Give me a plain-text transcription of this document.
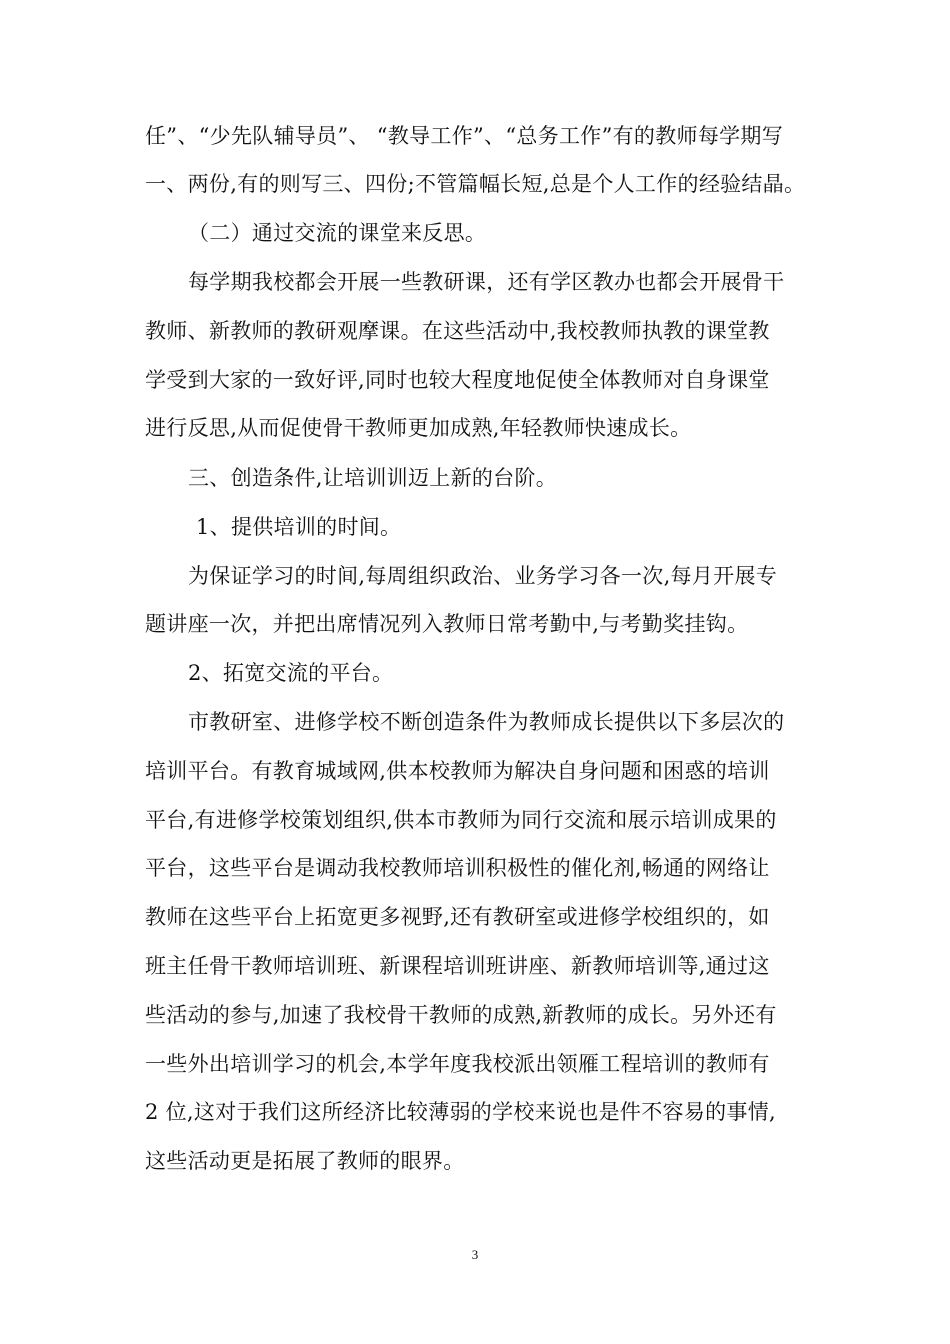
任”、“少先队辅导员”、 “教导工作”、“总务工作”有的教师每学期写
一、两份,有的则写三、四份;不管篇幅长短,总是个人工作的经验结晶。
（二）通过交流的课堂来反思。
每学期我校都会开展一些教研课，还有学区教办也都会开展骨干
教师、新教师的教研观摩课。在这些活动中,我校教师执教的课堂教
学受到大家的一致好评,同时也较大程度地促使全体教师对自身课堂
进行反思,从而促使骨干教师更加成熟,年轻教师快速成长。
三、创造条件,让培训训迈上新的台阶。
1、提供培训的时间。
为保证学习的时间,每周组织政治、业务学习各一次,每月开展专
题讲座一次，并把出席情况列入教师日常考勤中,与考勤奖挂钩。
2、拓宽交流的平台。
市教研室、进修学校不断创造条件为教师成长提供以下多层次的
培训平台。有教育城域网,供本校教师为解决自身问题和困惑的培训
平台,有进修学校策划组织,供本市教师为同行交流和展示培训成果的
平台，这些平台是调动我校教师培训积极性的催化剂,畅通的网络让
教师在这些平台上拓宽更多视野,还有教研室或进修学校组织的，如
班主任骨干教师培训班、新课程培训班讲座、新教师培训等,通过这
些活动的参与,加速了我校骨干教师的成熟,新教师的成长。另外还有
一些外出培训学习的机会,本学年度我校派出领雁工程培训的教师有
2 位,这对于我们这所经济比较薄弱的学校来说也是件不容易的事情,
这些活动更是拓展了教师的眼界。
3
